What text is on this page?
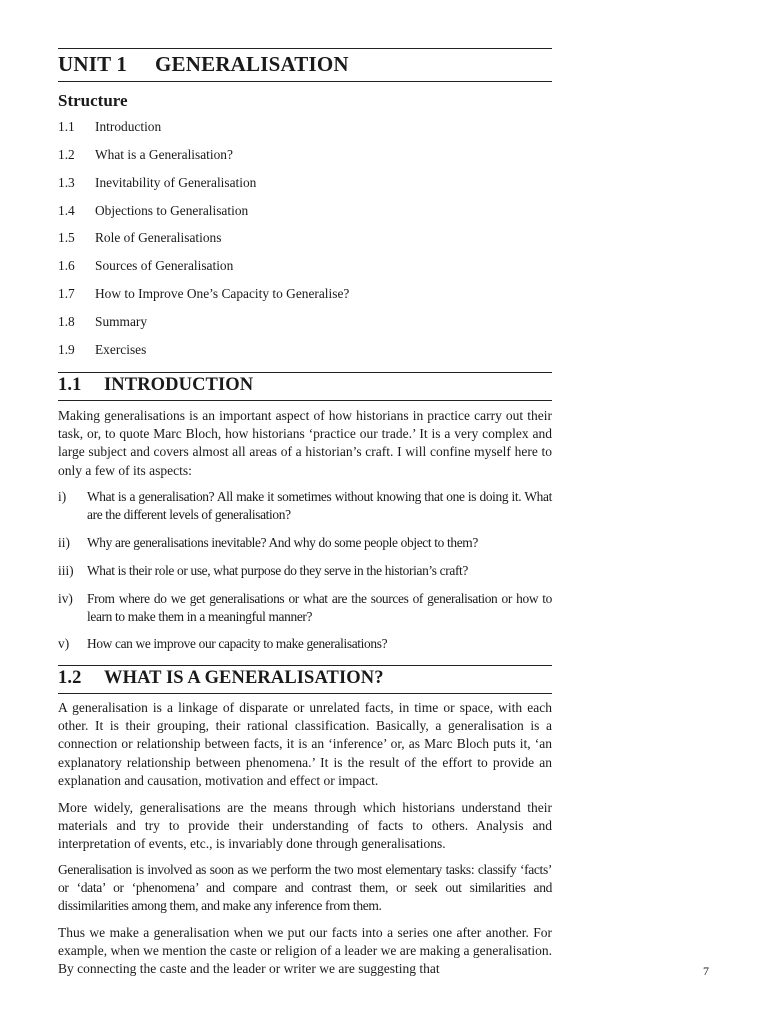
UNIT 1 GENERALISATION
Structure
1.1 Introduction
1.2 What is a Generalisation?
1.3 Inevitability of Generalisation
1.4 Objections to Generalisation
1.5 Role of Generalisations
1.6 Sources of Generalisation
1.7 How to Improve One’s Capacity to Generalise?
1.8 Summary
1.9 Exercises
1.1 INTRODUCTION

Making generalisations is an important aspect of how historians in practice carry out their task, or, to quote Marc Bloch, how historians ‘practice our trade.’ It is a very complex and large subject and covers almost all areas of a historian’s craft. I will confine myself here to only a few of its aspects:

i) What is a generalisation? All make it sometimes without knowing that one is doing it. What are the different levels of generalisation?
ii) Why are generalisations inevitable? And why do some people object to them?
iii) What is their role or use, what purpose do they serve in the historian’s craft?
iv) From where do we get generalisations or what are the sources of generalisation or how to learn to make them in a meaningful manner?
v) How can we improve our capacity to make generalisations?
1.2 WHAT IS A GENERALISATION?

A generalisation is a linkage of disparate or unrelated facts, in time or space, with each other. It is their grouping, their rational classification. Basically, a generalisation is a connection or relationship between facts, it is an ‘inference’ or, as Marc Bloch puts it, ‘an explanatory relationship between phenomena.’ It is the result of the effort to provide an explanation and causation, motivation and effect or impact.

More widely, generalisations are the means through which historians understand their materials and try to provide their understanding of facts to others. Analysis and interpretation of events, etc., is invariably done through generalisations.

Generalisation is involved as soon as we perform the two most elementary tasks: classify ‘facts’ or ‘data’ or ‘phenomena’ and compare and contrast them, or seek out similarities and dissimilarities among them, and make any inference from them.

Thus we make a generalisation when we put our facts into a series one after another. For example, when we mention the caste or religion of a leader we are making a generalisation. By connecting the caste and the leader or writer we are suggesting that	7
